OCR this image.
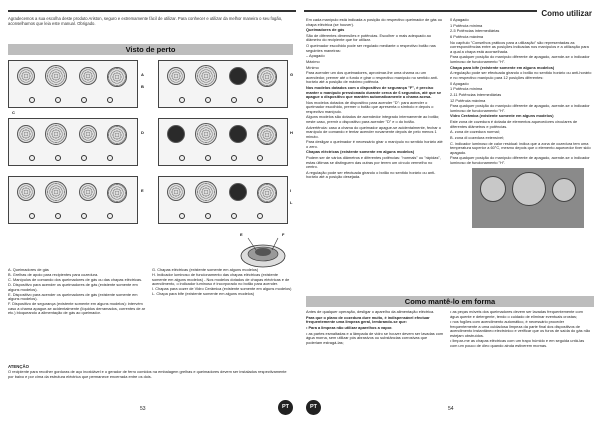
Agradecemos a sua escolha deste produto Ariston, seguro e extremamente fácil de utilizar. Para conhecer e utilizar da melhor maneira o seu fogão, aconselhamos que leia este manual. Obrigado.
Visto de perto
A
B
C
G
D	H
E	I
L
E	F
A. Queimadores de gás
B. Grelhas de apoio para recipientes para cozedura.
C. Manípulos de comando dos queimadores de gás ou das chapas eléctricas.
D. Dispositivo para acender os queimadores de gás (existente somente em alguns modelos).
E. Dispositivo para acender os queimadores de gás (existente somente em alguns modelos).
F. Dispositivo de segurança (existente somente em alguns modelos): intervém caso a chama apague-se acidentalmente (líquidos derramados, correntes de ar etc.) bloqueando a alimentação de gás ao queimador.
G. Chapas eléctricas (existente somente em alguns modelos)
H. Indicador luminoso de funcionamento das chapas eléctricas (existente somente em alguns modelos) - Nos modelos dotados de chapas eléctricas e de acendimento, o indicador luminoso é incorporado no botão para acender.
I. Chapas para cozer de Vidro Cerâmica (existente somente em alguns modelos)
L. Chapa para bife (existente somente em alguns modelos)
ATENÇÃO
O recipiente para recolher gorduras de aço inoxidável e o gerador de ferro comidos na embalagem grelhas e queimadores devem ser instalados respectivamente por baixo e por cima da estrutura eléctrica que permanece encerrada entre os dois.
53	PT
Como utilizar

Em cada manípulo está indicada a posição do respectivo queimador de gás ou chapa eléctrica (se houver).

Queimadores de gás

São de diferentes dimensões e potências. Escolher o mais adequado ao diâmetro do recipiente que for utilizar.

O queimador escolhido pode ser regulado mediante o respectivo botão nas seguintes maneiras:

– Apagado

Máximo

Mínimo

Para acender um dos queimadores, aproximar-lhe uma chama ou um acendedor, premer até o fundo e girar o respectivo manípulo no sentido anti-horário até a posição de máximo potência.

Nos modelos dotados com o dispositivo de segurança "F", é preciso manter o manípulo pressionado durante cerca de 6 segundos, até que se apague o dispositivo que mantém automaticamente a chama acesa.

Nos modelos dotados de dispositivo para acender "D": para acender o queimador escolhido, premer o botão que apresenta o símbolo e depois o respectivo manípulo.

Alguns modelos são dotados de acendedor integrado internamente ao botão; neste caso, premir o dispositivo para acender "D" e o do botão.

Advertência: caso a chama do queimador apague-se acidentalmente, fechar o manípulo de comando e tentar acender novamente depois de pelo menos 1 minuto.

Para desligar o queimador é necessário girar o manípulo no sentido horário até o zero.

Chapas eléctricas (existente somente em alguns modelos)

Podem ser de vários diâmetros e diferentes potências: "normais" ou "rápidas", estas últimas se distinguem das outras por terem um círculo vermelho no centro.

A regulação pode ser efectuada girando o botão no sentido horário ou anti-horário até a posição desejada.

0 Apagado

1 Potência mínima

2-5 Potências intermediárias

6 Potência máxima

No capítulo "Conselhos práticos para a utilização" são representadas as correspondências entre as posições indicadas nos manípulos e a utilização para a qual a chapa está aconselhada.

Para qualquer posição do manípulo diferente de apagado, acende-se o indicador luminoso de funcionamento "H".

Chapa para bife (existente somente em alguns modelos)

A regulação pode ser efectuada girando o botão no sentido horário ou anti-horário e no respectivo manípulo para 12 posições diferentes:

0 Apagado

1 Potência mínima

2-11 Potências intermediárias

12 Potência máxima

Para qualquer posição do manípulo diferente de apagado, acende-se o indicador luminoso de funcionamento "H".

Vidro Cerâmica (existente somente em alguns modelos)

Este zona de cozedura é dotada de elementos aquecedores circulares de diferentes diâmetros e potências.

A. zona de cozedura normal;

B. zona di cozedura extensível;

C. indicador luminoso de calor residual: indica que a zona de cozedura tem uma temperatura superior a 60°C, mesmo depois que o elemento aquecedor tiver sido apagado.

Para qualquer posição do manípulo diferente de apagado, acende-se o indicador luminoso de funcionamento "H".

Como mantê-lo em forma

Antes de qualquer operação, desligar o aparelho da alimentação eléctrica.

Para que o plano de cozedura dure muito, é indispensável efectuar frequentemente uma limpeza geral, lembrando-se que:

• Para a limpeza não utilizar aparelhos a vapor.

• as partes esmaltadas e a lâmpada de vidro se houver devem ser lavadas com água morna, sem utilizar pós abrasivos ou substâncias corrosivas que poderiam estragá-las;

• as peças móveis dos queimadores devem ser lavadas frequentemente com água quente e detergente, tendo o cuidado de eliminar eventuais crostas;

• nos fogões com acendimento automático, é necessário proceder frequentemente a uma cuidadosa limpeza da parte final dos dispositivos de acendimento instantâneo electrónico e verificar que os furos de saída do gás não estejam obstruídos.

• limpar-me as chapas eléctricas com um trapo húmido e em seguida untá-las com um pouco de óleo quando ainda estiverem mornas.

PT	54
